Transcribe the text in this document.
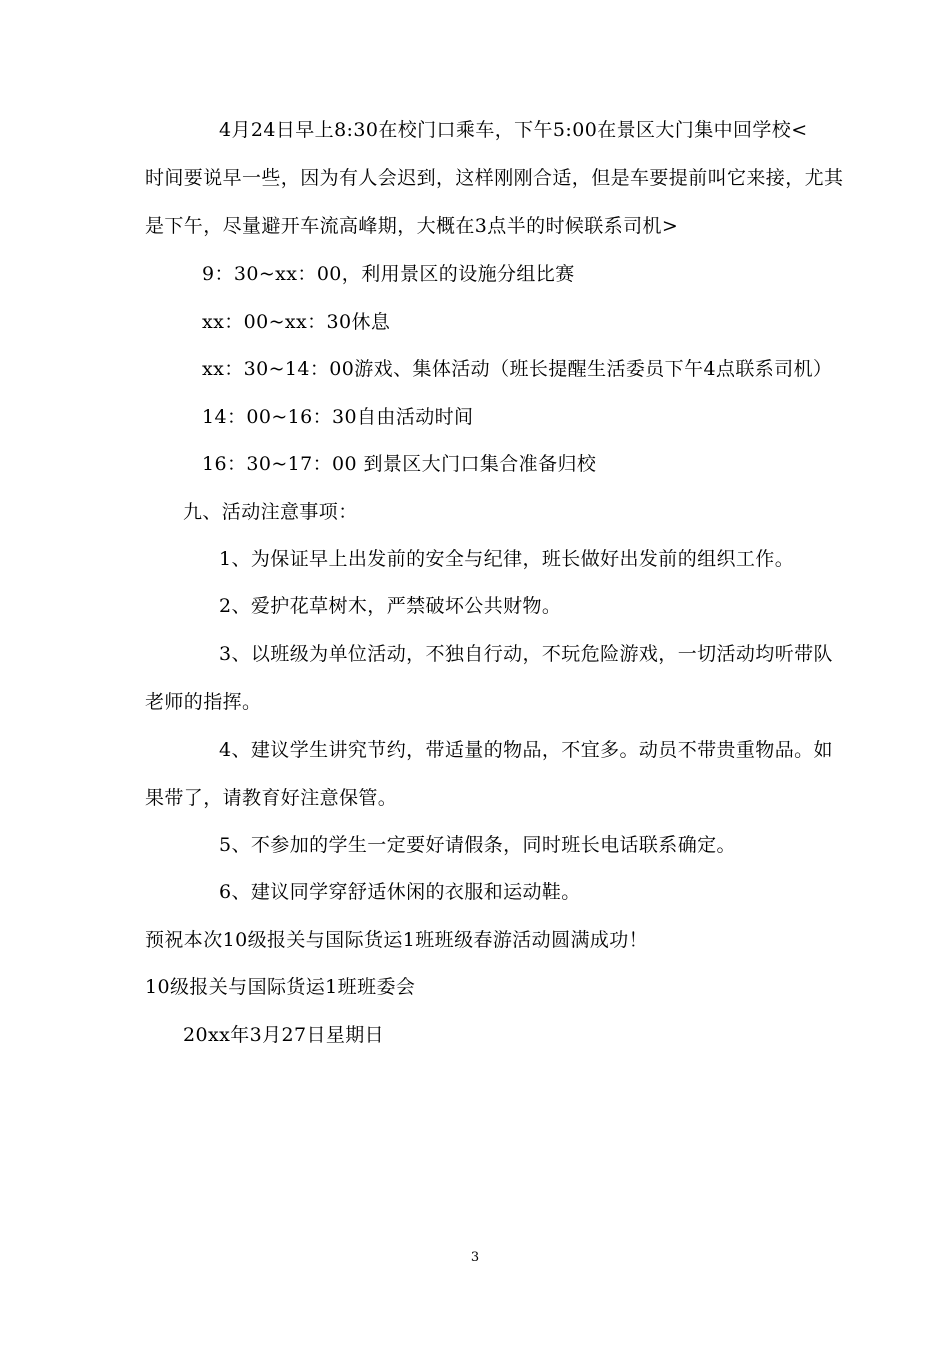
4月24日早上8:30在校门口乘车，下午5:00在景区大门集中回学校<
时间要说早一些，因为有人会迟到，这样刚刚合适，但是车要提前叫它来接，尤其
是下午，尽量避开车流高峰期，大概在3点半的时候联系司机>
9：30~xx：00，利用景区的设施分组比赛
xx：00~xx：30休息
xx：30~14：00游戏、集体活动（班长提醒生活委员下午4点联系司机）
14：00~16：30自由活动时间
16：30~17：00 到景区大门口集合准备归校
九、活动注意事项：
1、为保证早上出发前的安全与纪律，班长做好出发前的组织工作。
2、爱护花草树木，严禁破坏公共财物。
3、以班级为单位活动，不独自行动，不玩危险游戏，一切活动均听带队
老师的指挥。
4、建议学生讲究节约，带适量的物品，不宜多。动员不带贵重物品。如
果带了，请教育好注意保管。
5、不参加的学生一定要好请假条，同时班长电话联系确定。
6、建议同学穿舒适休闲的衣服和运动鞋。
预祝本次10级报关与国际货运1班班级春游活动圆满成功！
10级报关与国际货运1班班委会
20xx年3月27日星期日
3
